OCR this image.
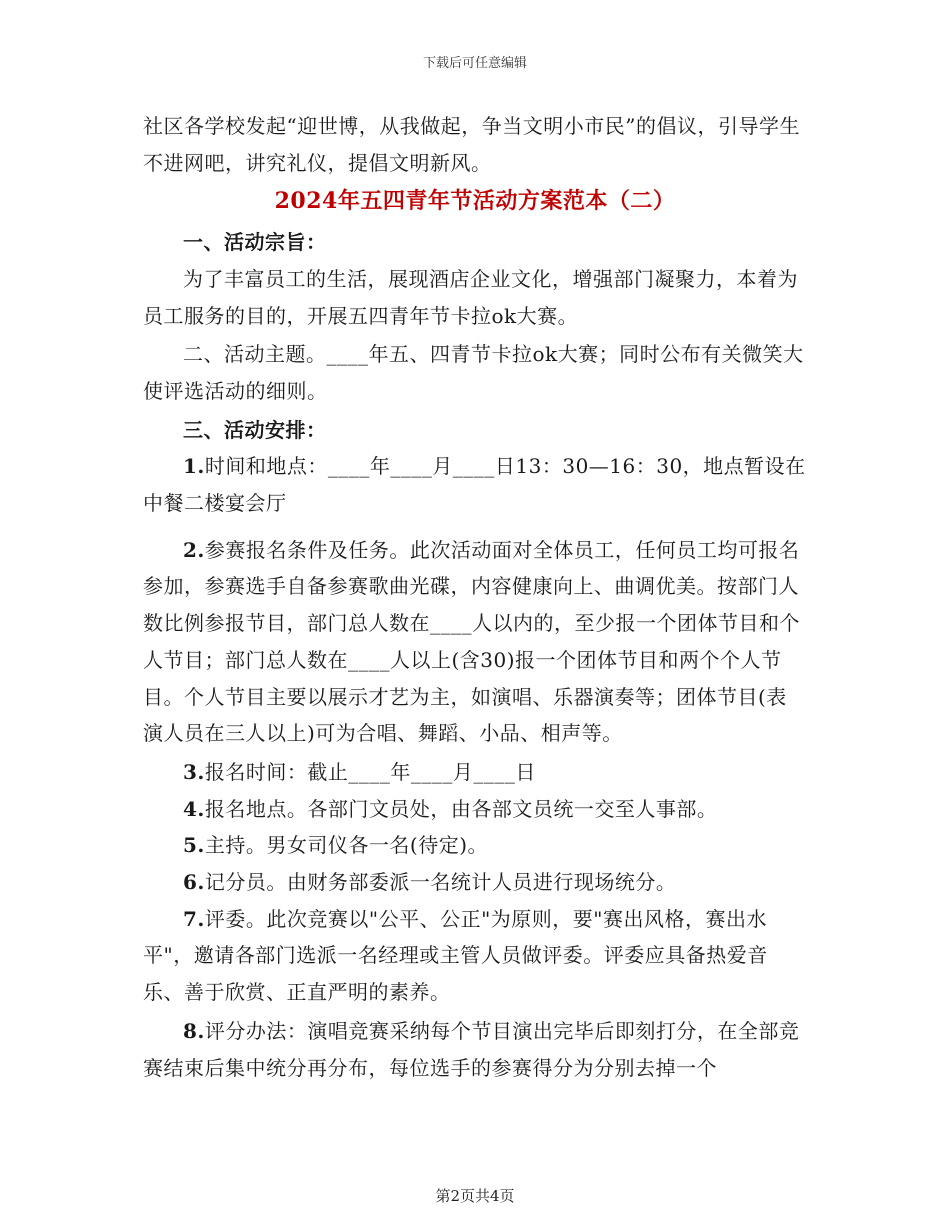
下载后可任意编辑

社区各学校发起“迎世博，从我做起，争当文明小市民”的倡议，引导学生不进网吧，讲究礼仪，提倡文明新风。

2024年五四青年节活动方案范本（二）

一、活动宗旨：

为了丰富员工的生活，展现酒店企业文化，增强部门凝聚力，本着为员工服务的目的，开展五四青年节卡拉ok大赛。

二、活动主题。____年五、四青节卡拉ok大赛；同时公布有关微笑大使评选活动的细则。

三、活动安排：

1.时间和地点：____年____月____日13：30—16：30，地点暂设在中餐二楼宴会厅

2.参赛报名条件及任务。此次活动面对全体员工，任何员工均可报名参加，参赛选手自备参赛歌曲光碟，内容健康向上、曲调优美。按部门人数比例参报节目，部门总人数在____人以内的，至少报一个团体节目和个人节目；部门总人数在____人以上(含30)报一个团体节目和两个个人节目。个人节目主要以展示才艺为主，如演唱、乐器演奏等；团体节目(表演人员在三人以上)可为合唱、舞蹈、小品、相声等。

3.报名时间：截止____年____月____日

4.报名地点。各部门文员处，由各部文员统一交至人事部。

5.主持。男女司仪各一名(待定)。

6.记分员。由财务部委派一名统计人员进行现场统分。

7.评委。此次竞赛以"公平、公正"为原则，要"赛出风格，赛出水平"，邀请各部门选派一名经理或主管人员做评委。评委应具备热爱音乐、善于欣赏、正直严明的素养。

8.评分办法：演唱竞赛采纳每个节目演出完毕后即刻打分，在全部竞赛结束后集中统分再分布，每位选手的参赛得分为分别去掉一个

第2页共4页
